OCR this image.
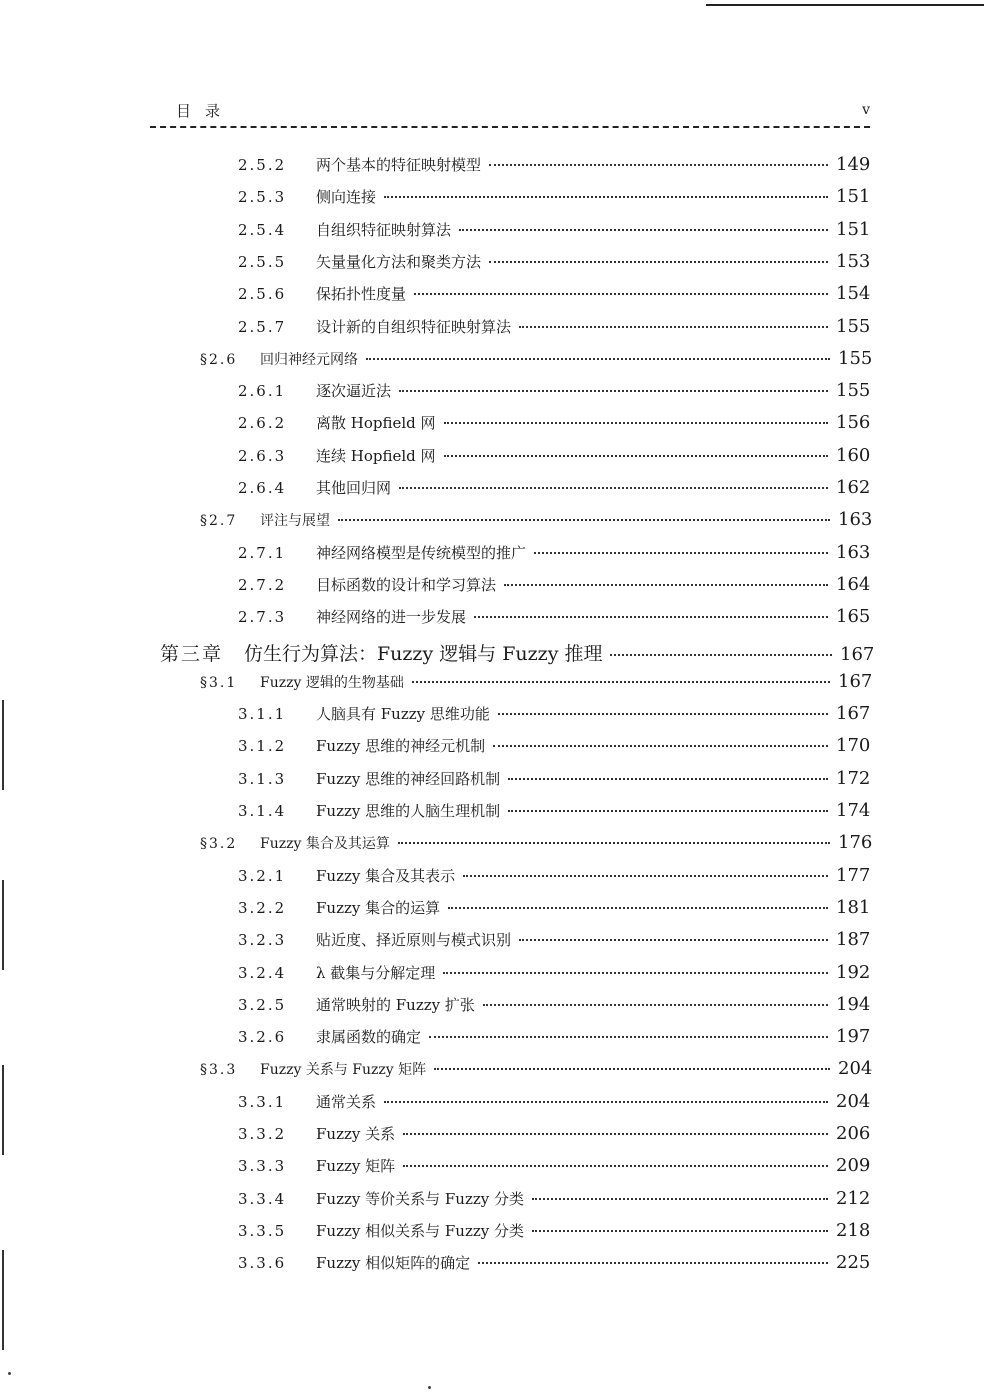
目录	v
2.5.2	两个基本的特征映射模型	149
2.5.3	侧向连接	151
2.5.4	自组织特征映射算法	151
2.5.5	矢量量化方法和聚类方法	153
2.5.6	保拓扑性度量	154
2.5.7	设计新的自组织特征映射算法	155
§2.6	回归神经元网络	155
2.6.1	逐次逼近法	155
2.6.2	离散 Hopfield 网	156
2.6.3	连续 Hopfield 网	160
2.6.4	其他回归网	162
§2.7	评注与展望	163
2.7.1	神经网络模型是传统模型的推广	163
2.7.2	目标函数的设计和学习算法	164
2.7.3	神经网络的进一步发展	165
第三章	仿生行为算法：Fuzzy 逻辑与 Fuzzy 推理	167
§3.1	Fuzzy 逻辑的生物基础	167
3.1.1	人脑具有 Fuzzy 思维功能	167
3.1.2	Fuzzy 思维的神经元机制	170
3.1.3	Fuzzy 思维的神经回路机制	172
3.1.4	Fuzzy 思维的人脑生理机制	174
§3.2	Fuzzy 集合及其运算	176
3.2.1	Fuzzy 集合及其表示	177
3.2.2	Fuzzy 集合的运算	181
3.2.3	贴近度、择近原则与模式识别	187
3.2.4	λ 截集与分解定理	192
3.2.5	通常映射的 Fuzzy 扩张	194
3.2.6	隶属函数的确定	197
§3.3	Fuzzy 关系与 Fuzzy 矩阵	204
3.3.1	通常关系	204
3.3.2	Fuzzy 关系	206
3.3.3	Fuzzy 矩阵	209
3.3.4	Fuzzy 等价关系与 Fuzzy 分类	212
3.3.5	Fuzzy 相似关系与 Fuzzy 分类	218
3.3.6	Fuzzy 相似矩阵的确定	225
